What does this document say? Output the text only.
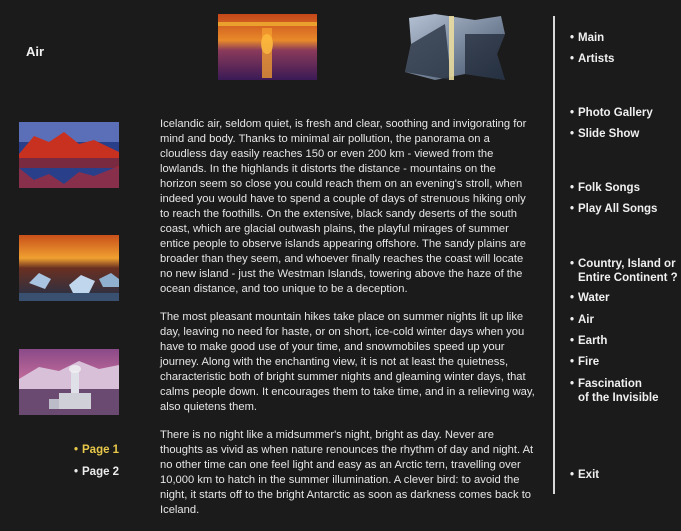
Air

Icelandic air, seldom quiet, is fresh and clear, soothing and invigorating for mind and body. Thanks to minimal air pollution, the panorama on a cloudless day easily reaches 150 or even 200 km - viewed from the lowlands. In the highlands it distorts the distance - mountains on the horizon seem so close you could reach them on an evening's stroll, when indeed you would have to spend a couple of days of strenuous hiking only to reach the foothills. On the extensive, black sandy deserts of the south coast, which are glacial outwash plains, the playful mirages of summer entice people to observe islands appearing offshore. The sandy plains are broader than they seem, and whoever finally reaches the coast will locate no new island - just the Westman Islands, towering above the haze of the ocean distance, and too unique to be a deception.

The most pleasant mountain hikes take place on summer nights lit up like day, leaving no need for haste, or on short, ice-cold winter days when you have to make good use of your time, and snowmobiles speed up your journey. Along with the enchanting view, it is not at least the quietness, characteristic both of bright summer nights and gleaming winter days, that calms people down. It encourages them to take time, and in a relieving way, also quietens them.

There is no night like a midsummer's night, bright as day. Never are thoughts as vivid as when nature renounces the rhythm of day and night. At no other time can one feel light and easy as an Arctic tern, travelling over 10,000 km to hatch in the summer illumination. A clever bird: to avoid the night, it starts off to the bright Antarctic as soon as darkness comes back to Iceland.

• Page 1
• Page 2
• Main
• Artists
• Photo Gallery
• Slide Show
• Folk Songs
• Play All Songs
• Country, Island or
Entire Continent ?
• Water
• Air
• Earth
• Fire
• Fascination
of the Invisible
• Exit
